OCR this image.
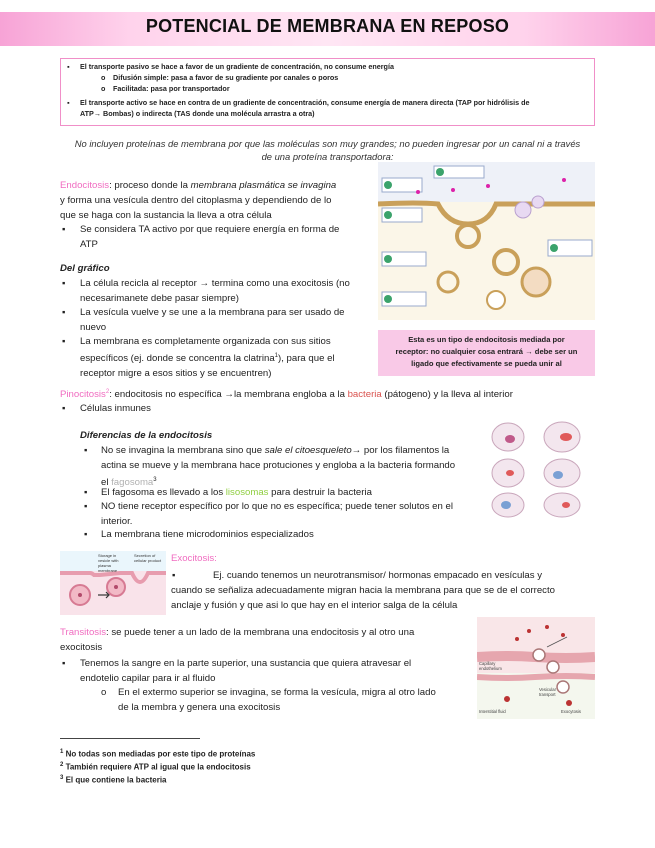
POTENCIAL DE MEMBRANA EN REPOSO
▪ El transporte pasivo se hace a favor de un gradiente de concentración, no consume energía
o Difusión simple: pasa a favor de su gradiente por canales o poros
o Facilitada: pasa por transportador
▪ El transporte activo se hace en contra de un gradiente de concentración, consume energía de manera directa (TAP por hidrólisis de
ATP→ Bombas) o indirecta (TAS donde una molécula arrastra a otra)
No incluyen proteínas de membrana por que las moléculas son muy grandes; no pueden ingresar por un canal ni a través
de una proteína transportadora:
Endocitosis: proceso donde la membrana plasmática se invagina
y forma una vesícula dentro del citoplasma y dependiendo de lo
que se haga con la sustancia la lleva a otra célula
▪ Se considera TA activo por que requiere energía en forma de
ATP
Del gráfico
▪ La célula recicla al receptor → termina como una exocitosis (no
necesarimanete debe pasar siempre)
▪ La vesícula vuelve y se une a la membrana para ser usado de
nuevo
▪ La membrana es completamente organizada con sus sitios
específicos (ej. donde se concentra la clatrina$^1$), para que el
receptor migre a esos sitios y se encuentren)
Esta es un tipo de endocitosis mediada por
receptor: no cualquier cosa entrará → debe ser un
ligado que efectivamente se pueda unir al
Pinocitosis$^2$: endocitosis no específica →la membrana engloba a la bacteria (pátogeno) y la lleva al interior
▪ Células inmunes
Diferencias de la endocitosis
▪ No se invagina la membrana sino que sale el citoesqueleto→ por los filamentos la
actina se mueve y la membrana hace protuciones y engloba a la bacteria formando
el fagosoma$^3$
▪ El fagosoma es llevado a los lisosomas para destruir la bacteria
▪ NO tiene receptor específico por lo que no es específica; puede tener solutos en el
interior.
▪ La membrana tiene microdominios especializados
Storage in vesicle with plasma membrane
Secretion of cellular product Exocitosis:
▪	Ej. cuando tenemos un neurotransmisor/ hormonas empacado en vesículas y
cuando se señaliza adecuadamente migran hacia la membrana para que se de el correcto
anclaje y fusión y que asi lo que hay en el interior salga de la célula
Transitosis: se puede tener a un lado de la membrana una endocitosis y al otro una
exocitosis
▪ Tenemos la sangre en la parte superior, una sustancia que quiera atravesar el
endotelio capilar para ir al fluido
o En el extermo superior se invagina, se forma la vesícula, migra al otro lado
de la membra y genera una exocitosis
Capillary endothelium
Vesicular transport
Exocytosis
Interstitial fluid
$^1$ No todas son mediadas por este tipo de proteínas
$^2$ También requiere ATP al igual que la endocitosis
$^3$ El que contiene la bacteria
